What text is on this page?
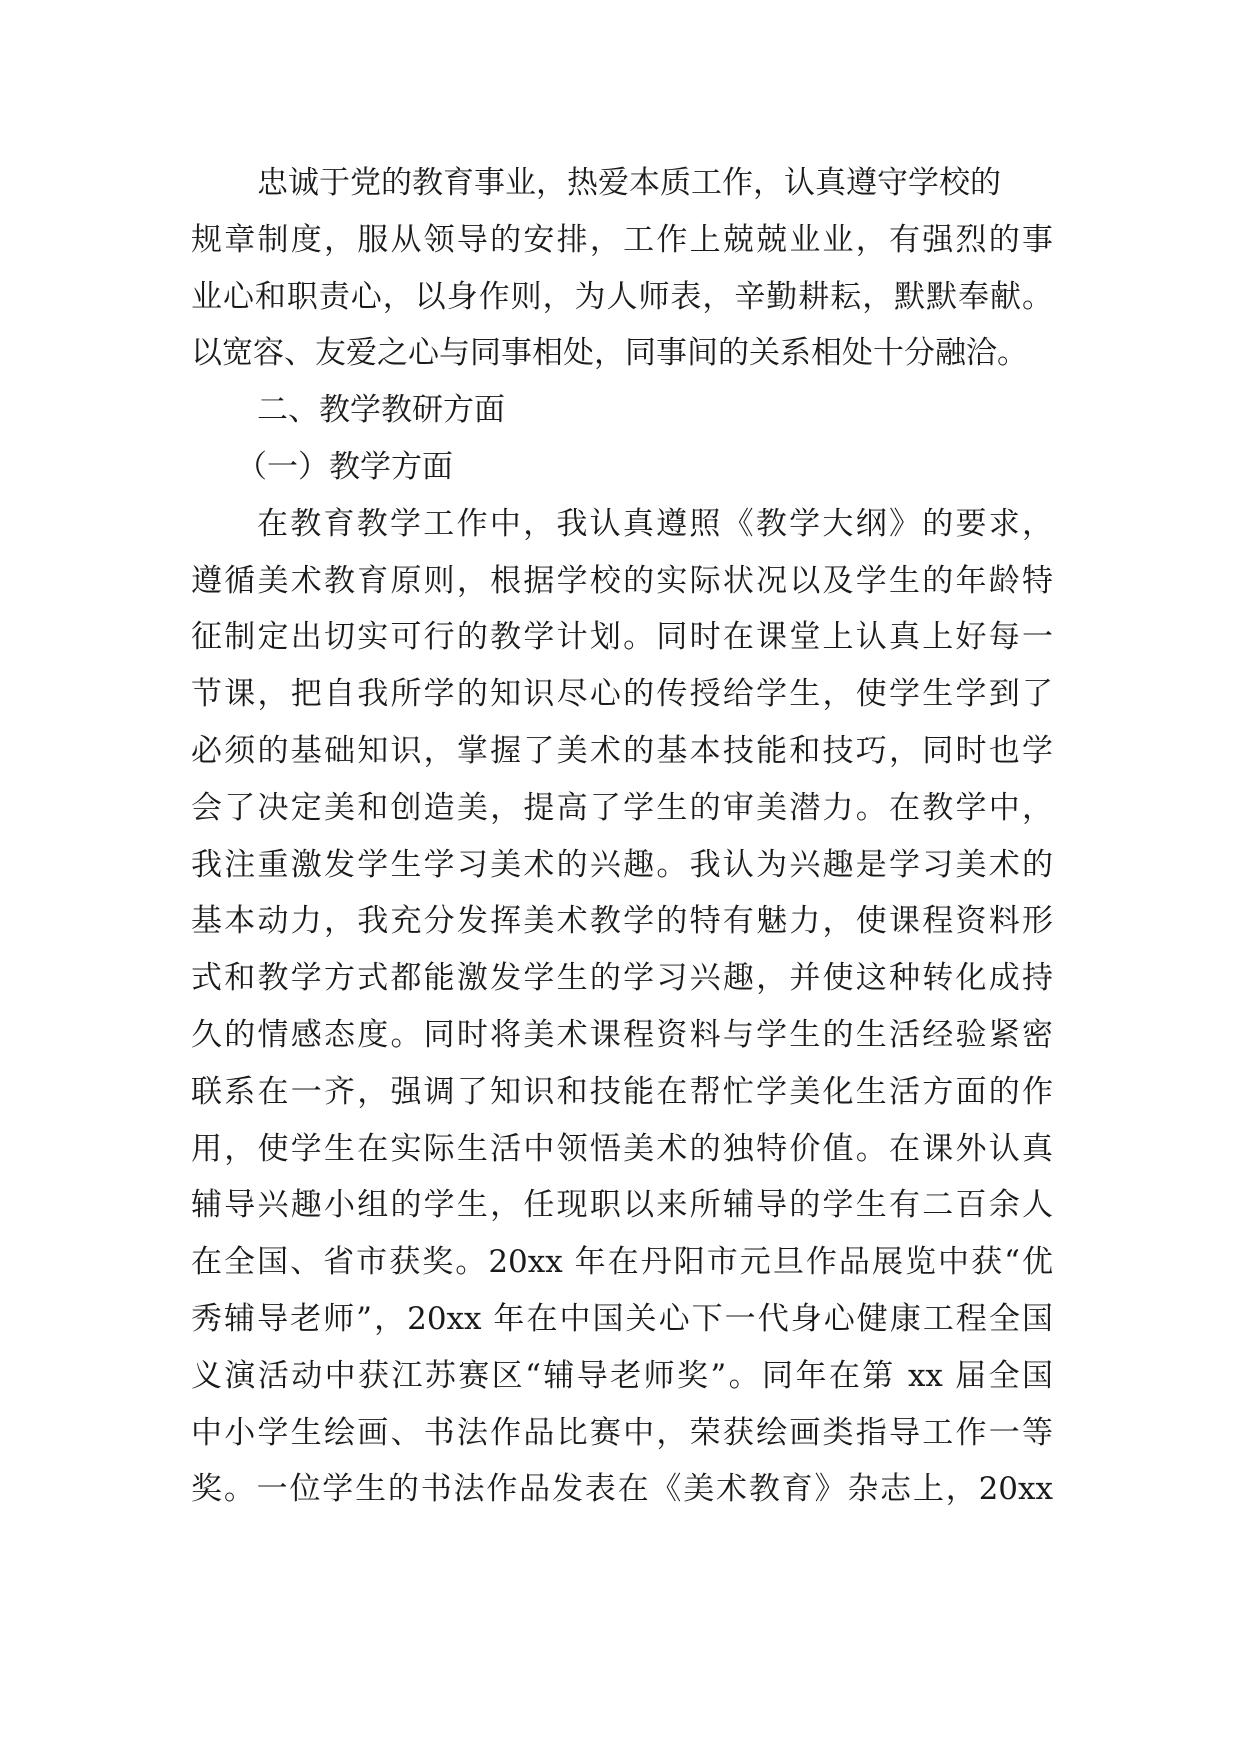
忠诚于党的教育事业，热爱本质工作，认真遵守学校的
规章制度，服从领导的安排，工作上兢兢业业，有强烈的事
业心和职责心，以身作则，为人师表，辛勤耕耘，默默奉献。
以宽容、友爱之心与同事相处，同事间的关系相处十分融洽。
二、教学教研方面
（一）教学方面
在教育教学工作中，我认真遵照《教学大纲》的要求，
遵循美术教育原则，根据学校的实际状况以及学生的年龄特
征制定出切实可行的教学计划。同时在课堂上认真上好每一
节课，把自我所学的知识尽心的传授给学生，使学生学到了
必须的基础知识，掌握了美术的基本技能和技巧，同时也学
会了决定美和创造美，提高了学生的审美潜力。在教学中，
我注重激发学生学习美术的兴趣。我认为兴趣是学习美术的
基本动力，我充分发挥美术教学的特有魅力，使课程资料形
式和教学方式都能激发学生的学习兴趣，并使这种转化成持
久的情感态度。同时将美术课程资料与学生的生活经验紧密
联系在一齐，强调了知识和技能在帮忙学美化生活方面的作
用，使学生在实际生活中领悟美术的独特价值。在课外认真
辅导兴趣小组的学生，任现职以来所辅导的学生有二百余人
在全国、省市获奖。20xx 年在丹阳市元旦作品展览中获“优
秀辅导老师”，20xx 年在中国关心下一代身心健康工程全国
义演活动中获江苏赛区“辅导老师奖”。同年在第 xx 届全国
中小学生绘画、书法作品比赛中，荣获绘画类指导工作一等
奖。一位学生的书法作品发表在《美术教育》杂志上，20xx
